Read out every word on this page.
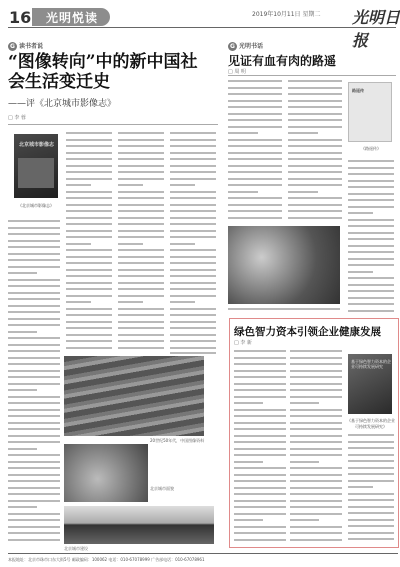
16 光明悦读	2019年10月11日 星期二 光明日报
G 读书者说
“图像转向”中的新中国社会生活变迁史
——评《北京城市影像志》
□ 李 蓉
北京城市影像志
《北京城市影像志》
20世纪50年代，中国图像资料
北京城市面貌
北京城市建设
G 光明书话
见证有血有肉的路遥
□ 周 明
路遥传
《路遥传》
绿色智力资本引领企业健康发展
□ 李 新
基于绿色智力资本的企业可持续发展研究
《基于绿色智力资本的企业可持续发展研究》
本报地址：北京市珠市口东大街5号 邮政编码：100062 电话：010-67078999 广告部电话：010-67078961
